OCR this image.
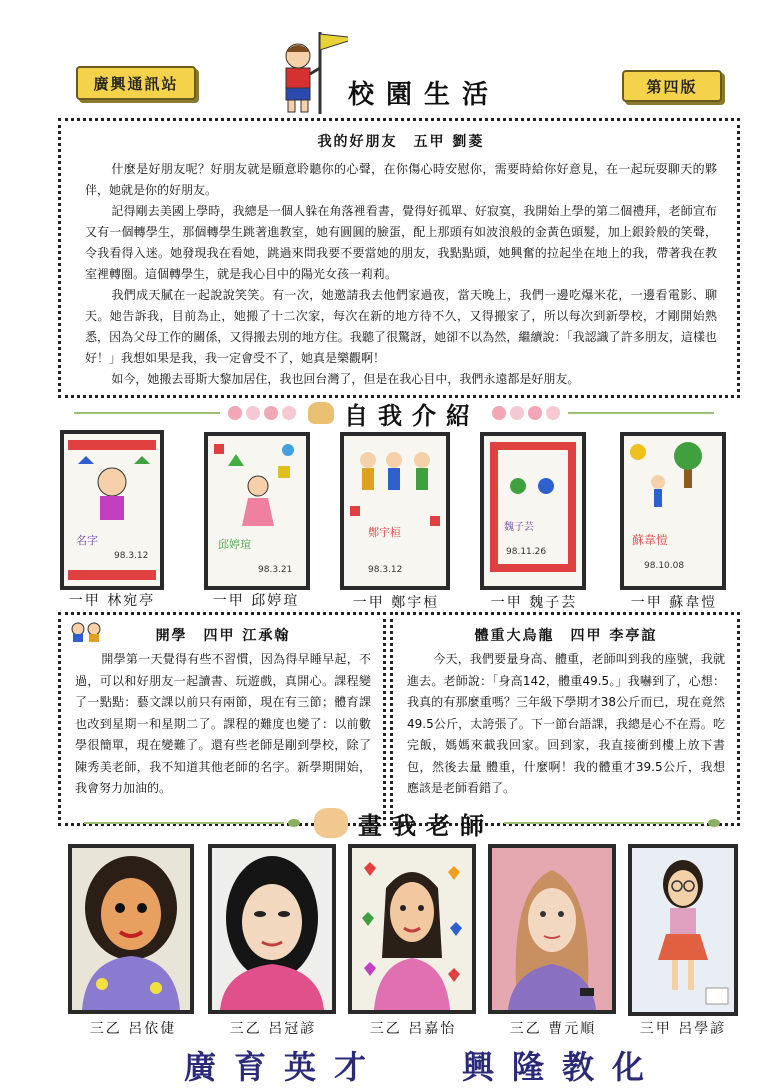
廣興通訊站	校園生活	第四版
我的好朋友　五甲 劉菱

什麼是好朋友呢？好朋友就是願意聆聽你的心聲，在你傷心時安慰你，需要時給你好意見，在一起玩耍聊天的夥伴，她就是你的好朋友。

記得剛去美國上學時，我總是一個人躲在角落裡看書，覺得好孤單、好寂寞，我開始上學的第二個禮拜，老師宣布又有一個轉學生，那個轉學生跳著進教室，她有圓圓的臉蛋，配上那頭有如波浪般的金黃色頭髮，加上銀鈴般的笑聲，令我看得入迷。她發現我在看她，跳過來問我要不要當她的朋友，我點點頭，她興奮的拉起坐在地上的我，帶著我在教室裡轉圈。這個轉學生，就是我心目中的陽光女孩一莉莉。

我們成天膩在一起說說笑笑。有一次，她邀請我去他們家過夜，當天晚上，我們一邊吃爆米花，一邊看電影、聊天。她告訴我，目前為止，她搬了十二次家，每次在新的地方待不久，又得搬家了，所以每次到新學校，才剛開始熟悉，因為父母工作的關係，又得搬去別的地方住。我聽了很驚訝，她卻不以為然，繼續說：「我認識了許多朋友，這樣也好！」我想如果是我，我一定會受不了，她真是樂觀啊！

如今，她搬去哥斯大黎加居住，我也回台灣了，但是在我心目中，我們永遠都是好朋友。

自我介紹
名字
98.3.12
邱婷瑄
98.3.21
鄭宇桓
98.3.12
魏子芸
98.11.26
蘇韋愷
98.10.08
一甲 林宛亭	一甲 邱婷瑄	一甲 鄭宇桓	一甲 魏子芸	一甲 蘇韋愷
開學　四甲 江承翰

開學第一天覺得有些不習慣，因為得早睡早起，不過，可以和好朋友一起讀書、玩遊戲，真開心。課程變了一點點：藝文課以前只有兩節，現在有三節；體育課也改到星期一和星期二了。課程的難度也變了：以前數學很簡單，現在變難了。還有些老師是剛到學校，除了陳秀美老師，我不知道其他老師的名字。新學期開始，我會努力加油的。

體重大烏龍　四甲 李亭誼

今天，我們要量身高、體重，老師叫到我的座號，我就進去。老師說：「身高142，體重49.5。」我嚇到了，心想：我真的有那麼重嗎？三年級下學期才38公斤而已，現在竟然49.5公斤，太誇張了。下一節台語課，我總是心不在焉。吃完飯，媽媽來載我回家。回到家，我直接衝到樓上放下書包，然後去量 體重，什麼啊！我的體重才39.5公斤，我想應該是老師看錯了。

畫我老師
三乙 呂依倢	三乙 呂冠諺	三乙 呂嘉怡	三乙 曹元順	三甲 呂學諺
廣育英才 興隆教化
